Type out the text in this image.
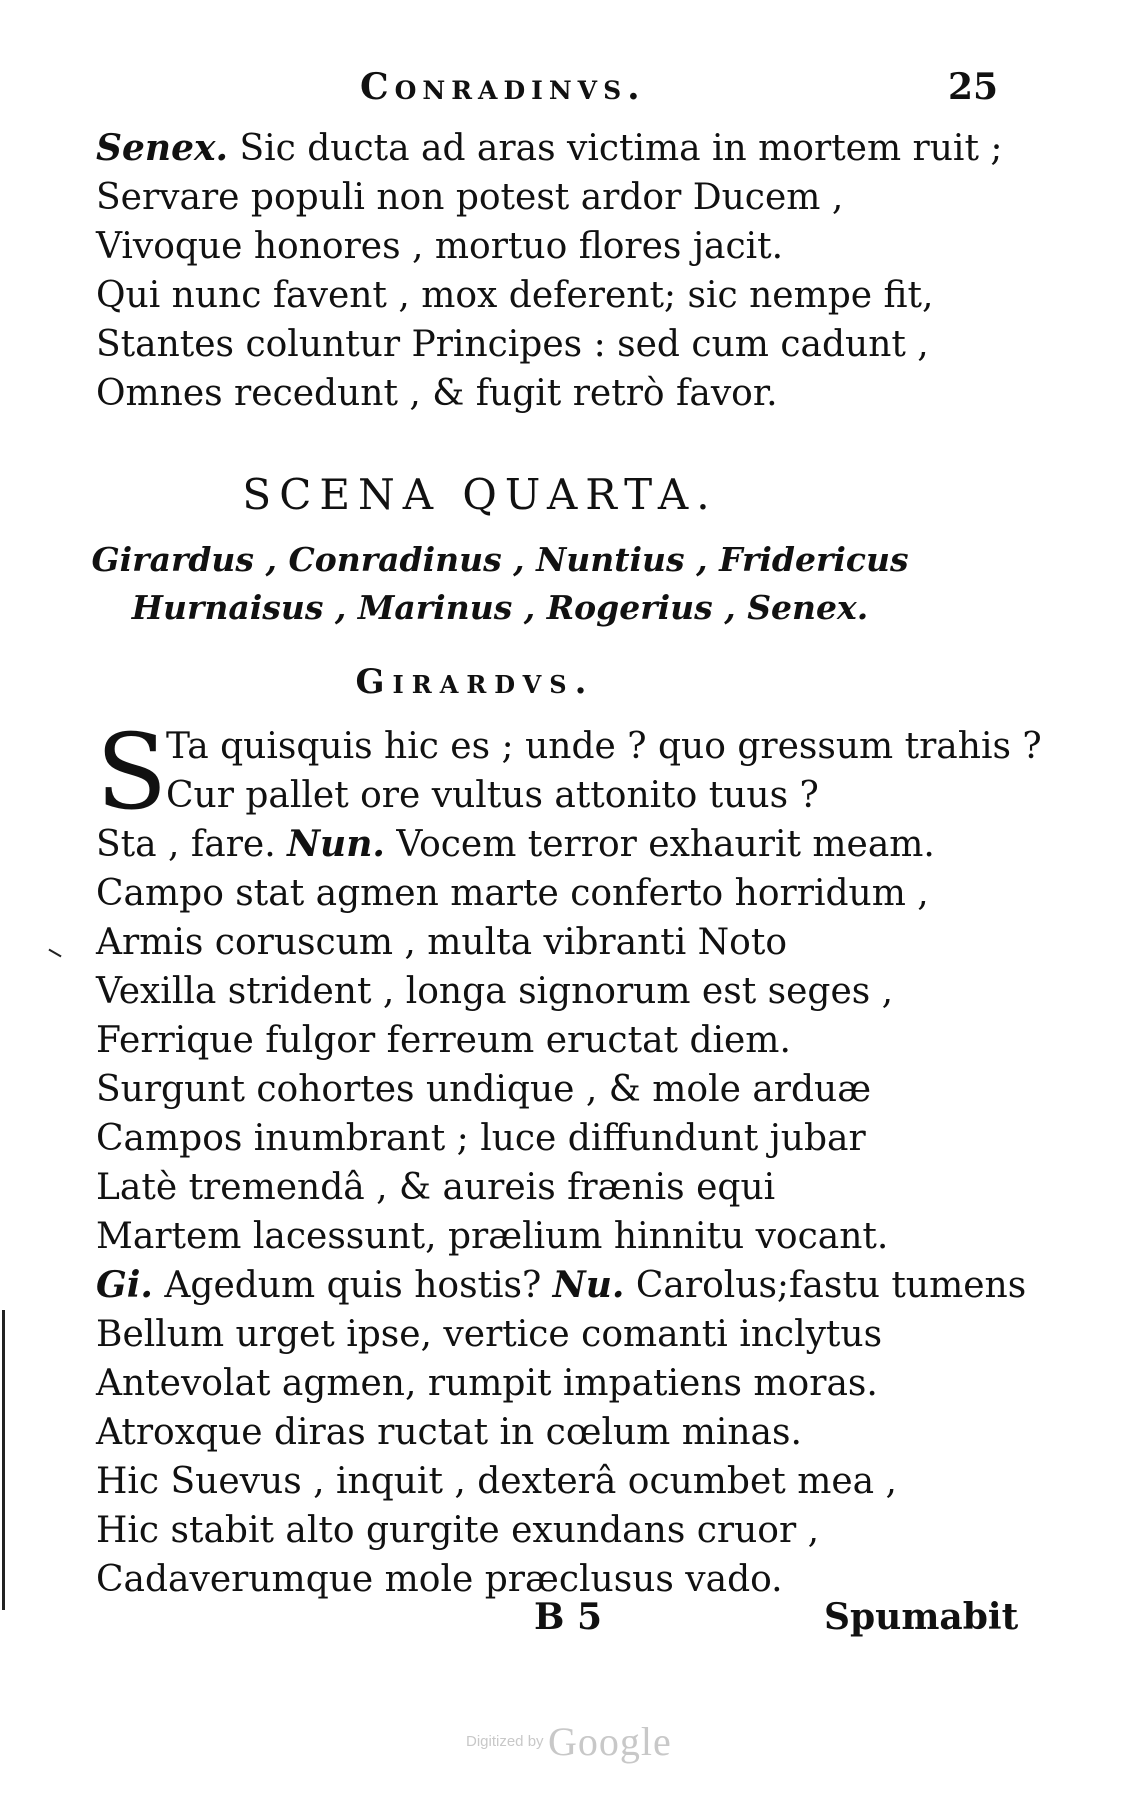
Conradinvs.	25
Senex. Sic ducta ad aras victima in mortem ruit ;
Servare populi non potest ardor Ducem ,
Vivoque honores , mortuo flores jacit.
Qui nunc favent , mox deferent; sic nempe fit,
Stantes coluntur Principes : sed cum cadunt ,
Omnes recedunt , & fugit retrò favor.
SCENA QUARTA.
Girardus , Conradinus , Nuntius , Fridericus
Hurnaisus , Marinus , Rogerius , Senex.
Girardvs.
S
Ta quisquis hic es ; unde ? quo gressum trahis ?
Cur pallet ore vultus attonito tuus ?
Sta , fare. Nun. Vocem terror exhaurit meam.
Campo stat agmen marte conferto horridum ,
Armis coruscum , multa vibranti Noto
Vexilla strident , longa signorum est seges ,
Ferrique fulgor ferreum eructat diem.
Surgunt cohortes undique , & mole arduæ
Campos inumbrant ; luce diffundunt jubar
Latè tremendâ , & aureis frænis equi
Martem lacessunt, prælium hinnitu vocant.
Gi. Agedum quis hostis? Nu. Carolus;fastu tumens
Bellum urget ipse, vertice comanti inclytus
Antevolat agmen, rumpit impatiens moras.
Atroxque diras ructat in cœlum minas.
Hic Suevus , inquit , dexterâ ocumbet mea ,
Hic stabit alto gurgite exundans cruor ,
Cadaverumque mole præclusus vado.
B 5	Spumabit
Digitized by Google
